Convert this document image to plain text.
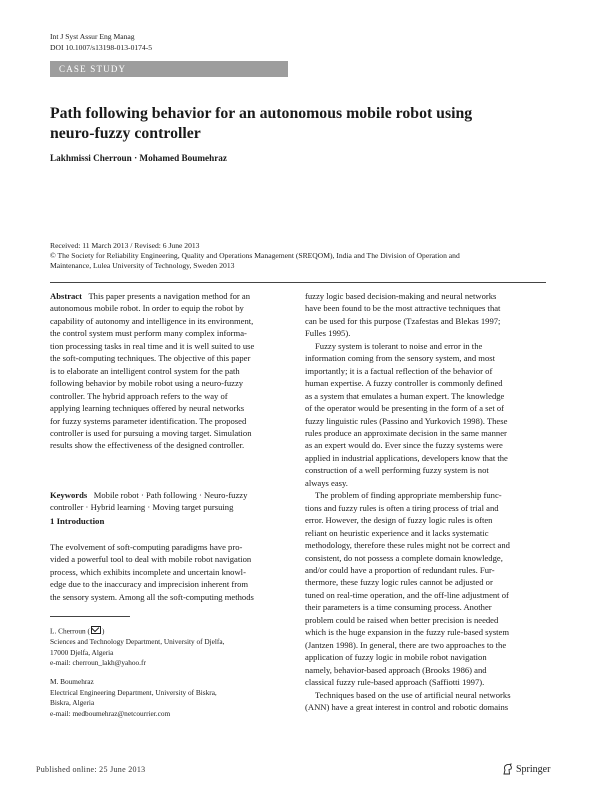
Int J Syst Assur Eng Manag
DOI 10.1007/s13198-013-0174-5
CASE STUDY
Path following behavior for an autonomous mobile robot using
neuro-fuzzy controller
Lakhmissi Cherroun · Mohamed Boumehraz
Received: 11 March 2013 / Revised: 6 June 2013
© The Society for Reliability Engineering, Quality and Operations Management (SREQOM), India and The Division of Operation and
Maintenance, Lulea University of Technology, Sweden 2013
Abstract This paper presents a navigation method for an
autonomous mobile robot. In order to equip the robot by
capability of autonomy and intelligence in its environment,
the control system must perform many complex informa-
tion processing tasks in real time and it is well suited to use
the soft-computing techniques. The objective of this paper
is to elaborate an intelligent control system for the path
following behavior by mobile robot using a neuro-fuzzy
controller. The hybrid approach refers to the way of
applying learning techniques offered by neural networks
for fuzzy systems parameter identification. The proposed
controller is used for pursuing a moving target. Simulation
results show the effectiveness of the designed controller.
Keywords Mobile robot · Path following · Neuro-fuzzy
controller · Hybrid learning · Moving target pursuing
1 Introduction
The evolvement of soft-computing paradigms have pro-
vided a powerful tool to deal with mobile robot navigation
process, which exhibits incomplete and uncertain knowl-
edge due to the inaccuracy and imprecision inherent from
the sensory system. Among all the soft-computing methods
L. Cherroun ( )
Sciences and Technology Department, University of Djelfa,
17000 Djelfa, Algeria
e-mail: cherroun_lakh@yahoo.fr
M. Boumehraz
Electrical Engineering Department, University of Biskra,
Biskra, Algeria
e-mail: medboumehraz@netcourrier.com
fuzzy logic based decision-making and neural networks
have been found to be the most attractive techniques that
can be used for this purpose (Tzafestas and Blekas 1997;
Fulles 1995).
Fuzzy system is tolerant to noise and error in the
information coming from the sensory system, and most
importantly; it is a factual reflection of the behavior of
human expertise. A fuzzy controller is commonly defined
as a system that emulates a human expert. The knowledge
of the operator would be presenting in the form of a set of
fuzzy linguistic rules (Passino and Yurkovich 1998). These
rules produce an approximate decision in the same manner
as an expert would do. Ever since the fuzzy systems were
applied in industrial applications, developers know that the
construction of a well performing fuzzy system is not
always easy.
The problem of finding appropriate membership func-
tions and fuzzy rules is often a tiring process of trial and
error. However, the design of fuzzy logic rules is often
reliant on heuristic experience and it lacks systematic
methodology, therefore these rules might not be correct and
consistent, do not possess a complete domain knowledge,
and/or could have a proportion of redundant rules. Fur-
thermore, these fuzzy logic rules cannot be adjusted or
tuned on real-time operation, and the off-line adjustment of
their parameters is a time consuming process. Another
problem could be raised when better precision is needed
which is the huge expansion in the fuzzy rule-based system
(Jantzen 1998). In general, there are two approaches to the
application of fuzzy logic in mobile robot navigation
namely, behavior-based approach (Brooks 1986) and
classical fuzzy rule-based approach (Saffiotti 1997).
Techniques based on the use of artificial neural networks
(ANN) have a great interest in control and robotic domains
Published online: 25 June 2013	Springer
